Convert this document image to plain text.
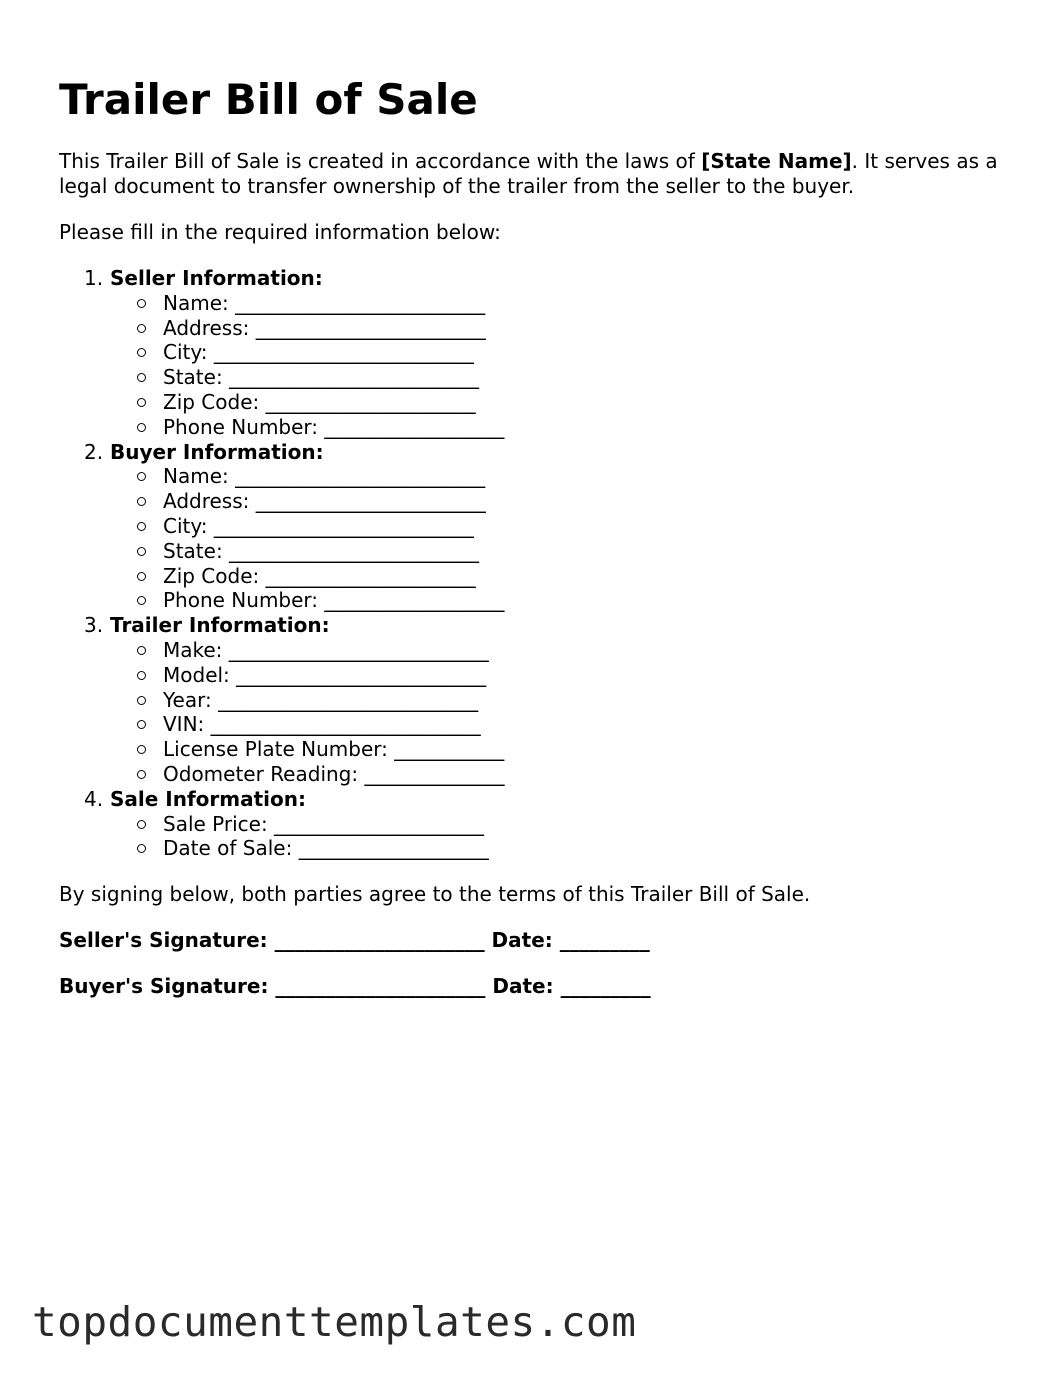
Trailer Bill of Sale

This Trailer Bill of Sale is created in accordance with the laws of [State Name]. It serves as a legal document to transfer ownership of the trailer from the seller to the buyer.

Please fill in the required information below:

1. Seller Information:
Name: _________________________
Address: _______________________
City: __________________________
State: _________________________
Zip Code: _____________________
Phone Number: __________________
2. Buyer Information:
Name: _________________________
Address: _______________________
City: __________________________
State: _________________________
Zip Code: _____________________
Phone Number: __________________
3. Trailer Information:
Make: __________________________
Model: _________________________
Year: __________________________
VIN: ___________________________
License Plate Number: ___________
Odometer Reading: ______________
4. Sale Information:
Sale Price: _____________________
Date of Sale: ___________________

By signing below, both parties agree to the terms of this Trailer Bill of Sale.

Seller's Signature: _____________________ Date: _________
Buyer's Signature: _____________________ Date: _________
topdocumenttemplates.com
